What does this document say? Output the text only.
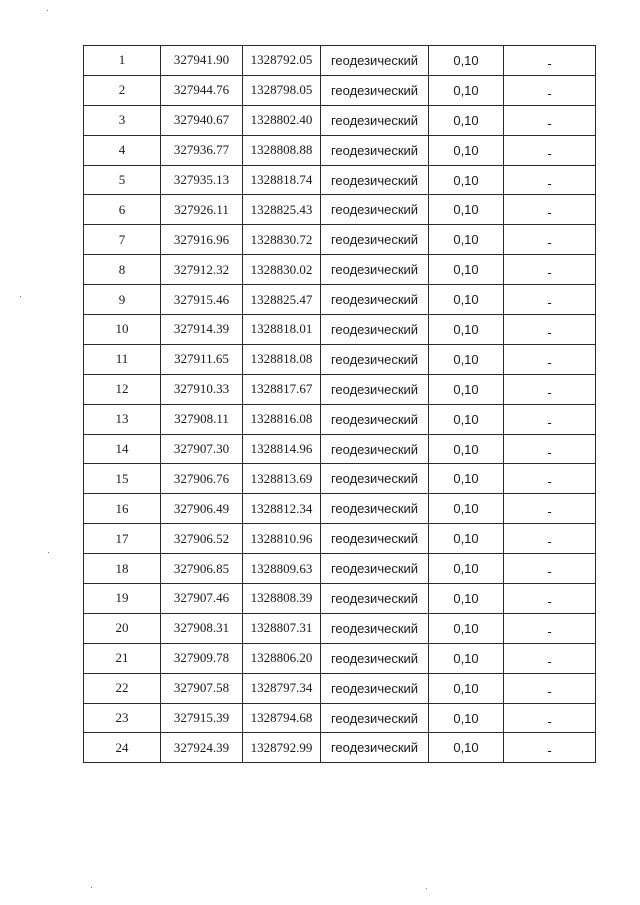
1	327941.90	1328792.05	геодезический	0,10	-
2	327944.76	1328798.05	геодезический	0,10	-
3	327940.67	1328802.40	геодезический	0,10	-
4	327936.77	1328808.88	геодезический	0,10	-
5	327935.13	1328818.74	геодезический	0,10	-
6	327926.11	1328825.43	геодезический	0,10	-
7	327916.96	1328830.72	геодезический	0,10	-
8	327912.32	1328830.02	геодезический	0,10	-
9	327915.46	1328825.47	геодезический	0,10	-
10	327914.39	1328818.01	геодезический	0,10	-
11	327911.65	1328818.08	геодезический	0,10	-
12	327910.33	1328817.67	геодезический	0,10	-
13	327908.11	1328816.08	геодезический	0,10	-
14	327907.30	1328814.96	геодезический	0,10	-
15	327906.76	1328813.69	геодезический	0,10	-
16	327906.49	1328812.34	геодезический	0,10	-
17	327906.52	1328810.96	геодезический	0,10	-
18	327906.85	1328809.63	геодезический	0,10	-
19	327907.46	1328808.39	геодезический	0,10	-
20	327908.31	1328807.31	геодезический	0,10	-
21	327909.78	1328806.20	геодезический	0,10	-
22	327907.58	1328797.34	геодезический	0,10	-
23	327915.39	1328794.68	геодезический	0,10	-
24	327924.39	1328792.99	геодезический	0,10	-
